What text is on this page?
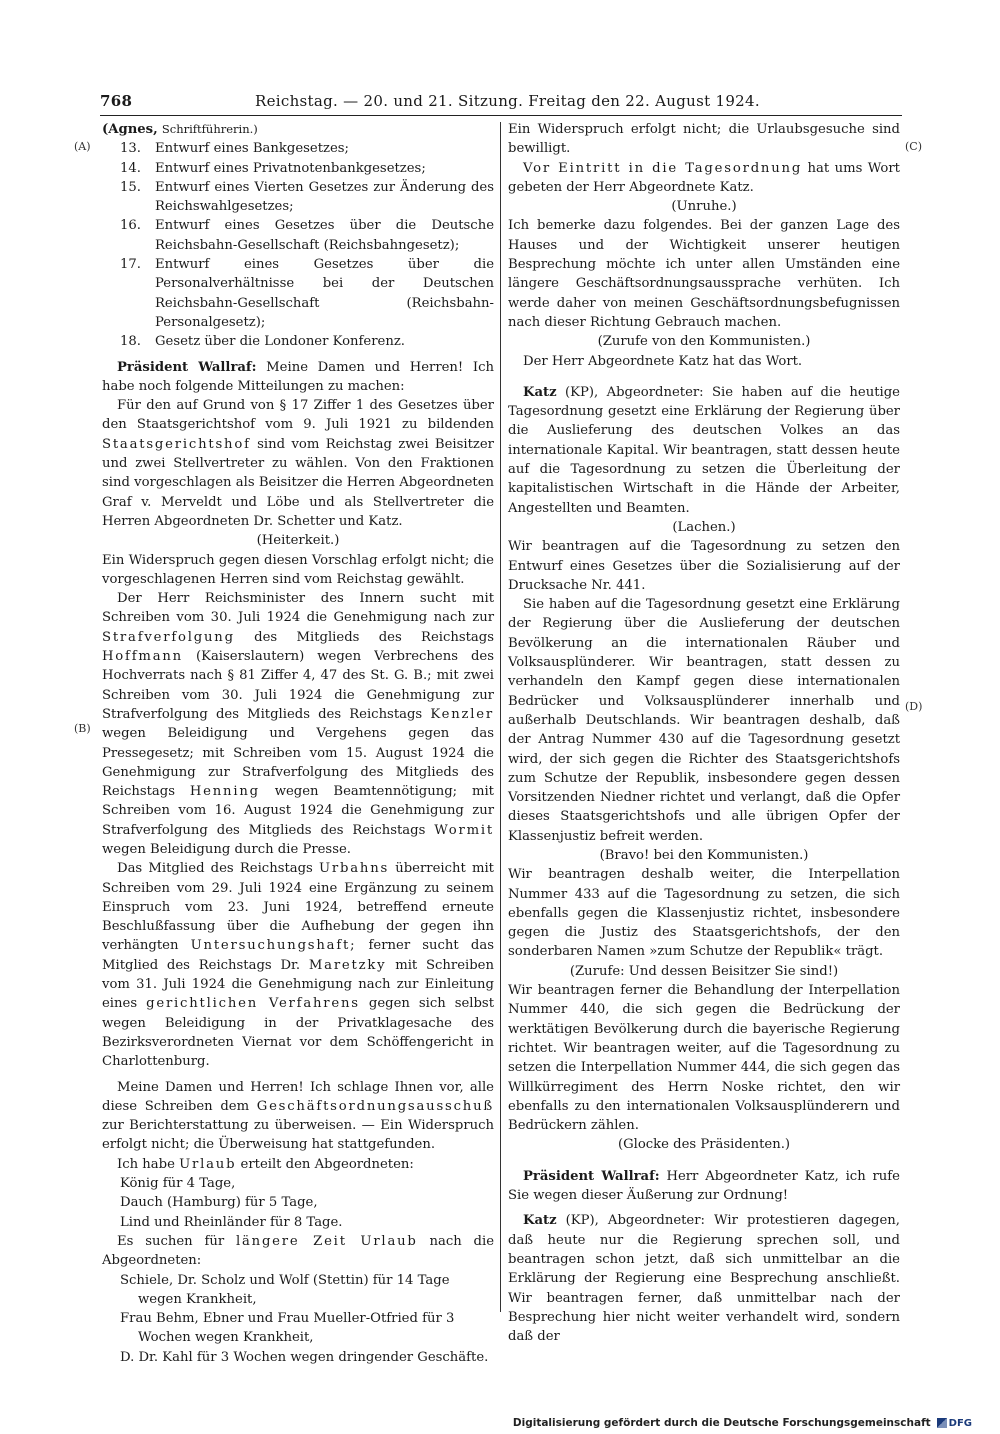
768	Reichstag. — 20. und 21. Sitzung. Freitag den 22. August 1924.
(A)
(B)
(C)
(D)

(Agnes, Schriftführerin.)

13. Entwurf eines Bankgesetzes;

14. Entwurf eines Privatnotenbankgesetzes;

15. Entwurf eines Vierten Gesetzes zur Änderung des Reichswahlgesetzes;

16. Entwurf eines Gesetzes über die Deutsche Reichsbahn-Gesellschaft (Reichsbahngesetz);

17. Entwurf eines Gesetzes über die Personalverhältnisse bei der Deutschen Reichsbahn-Gesellschaft (Reichsbahn-Personalgesetz);

18. Gesetz über die Londoner Konferenz.

Präsident Wallraf: Meine Damen und Herren! Ich habe noch folgende Mitteilungen zu machen:

Für den auf Grund von § 17 Ziffer 1 des Gesetzes über den Staatsgerichtshof vom 9. Juli 1921 zu bildenden Staatsgerichtshof sind vom Reichstag zwei Beisitzer und zwei Stellvertreter zu wählen. Von den Fraktionen sind vorgeschlagen als Beisitzer die Herren Abgeordneten Graf v. Merveldt und Löbe und als Stellvertreter die Herren Abgeordneten Dr. Schetter und Katz.

(Heiterkeit.)

Ein Widerspruch gegen diesen Vorschlag erfolgt nicht; die vorgeschlagenen Herren sind vom Reichstag gewählt.

Der Herr Reichsminister des Innern sucht mit Schreiben vom 30. Juli 1924 die Genehmigung nach zur Strafverfolgung des Mitglieds des Reichstags Hoffmann (Kaiserslautern) wegen Verbrechens des Hochverrats nach § 81 Ziffer 4, 47 des St. G. B.; mit zwei Schreiben vom 30. Juli 1924 die Genehmigung zur Strafverfolgung des Mitglieds des Reichstags Kenzler wegen Beleidigung und Vergehens gegen das Pressegesetz; mit Schreiben vom 15. August 1924 die Genehmigung zur Strafverfolgung des Mitglieds des Reichstags Henning wegen Beamtennötigung; mit Schreiben vom 16. August 1924 die Genehmigung zur Strafverfolgung des Mitglieds des Reichstags Wormit wegen Beleidigung durch die Presse.

Das Mitglied des Reichstags Urbahns überreicht mit Schreiben vom 29. Juli 1924 eine Ergänzung zu seinem Einspruch vom 23. Juni 1924, betreffend erneute Beschlußfassung über die Aufhebung der gegen ihn verhängten Untersuchungshaft; ferner sucht das Mitglied des Reichstags Dr. Maretzky mit Schreiben vom 31. Juli 1924 die Genehmigung nach zur Einleitung eines gerichtlichen Verfahrens gegen sich selbst wegen Beleidigung in der Privatklagesache des Bezirksverordneten Viernat vor dem Schöffengericht in Charlottenburg.

Meine Damen und Herren! Ich schlage Ihnen vor, alle diese Schreiben dem Geschäftsordnungsausschuß zur Berichterstattung zu überweisen. — Ein Widerspruch erfolgt nicht; die Überweisung hat stattgefunden.

Ich habe Urlaub erteilt den Abgeordneten:

König für 4 Tage,

Dauch (Hamburg) für 5 Tage,

Lind und Rheinländer für 8 Tage.

Es suchen für längere Zeit Urlaub nach die Abgeordneten:

Schiele, Dr. Scholz und Wolf (Stettin) für 14 Tage wegen Krankheit,

Frau Behm, Ebner und Frau Mueller-Otfried für 3 Wochen wegen Krankheit,

D. Dr. Kahl für 3 Wochen wegen dringender Geschäfte.

Ein Widerspruch erfolgt nicht; die Urlaubsgesuche sind bewilligt.

Vor Eintritt in die Tagesordnung hat ums Wort gebeten der Herr Abgeordnete Katz.

(Unruhe.)

Ich bemerke dazu folgendes. Bei der ganzen Lage des Hauses und der Wichtigkeit unserer heutigen Besprechung möchte ich unter allen Umständen eine längere Geschäftsordnungsaussprache verhüten. Ich werde daher von meinen Geschäftsordnungsbefugnissen nach dieser Richtung Gebrauch machen.

(Zurufe von den Kommunisten.)

Der Herr Abgeordnete Katz hat das Wort.

Katz (KP), Abgeordneter: Sie haben auf die heutige Tagesordnung gesetzt eine Erklärung der Regierung über die Auslieferung des deutschen Volkes an das internationale Kapital. Wir beantragen, statt dessen heute auf die Tagesordnung zu setzen die Überleitung der kapitalistischen Wirtschaft in die Hände der Arbeiter, Angestellten und Beamten.

(Lachen.)

Wir beantragen auf die Tagesordnung zu setzen den Entwurf eines Gesetzes über die Sozialisierung auf der Drucksache Nr. 441.

Sie haben auf die Tagesordnung gesetzt eine Erklärung der Regierung über die Auslieferung der deutschen Bevölkerung an die internationalen Räuber und Volksausplünderer. Wir beantragen, statt dessen zu verhandeln den Kampf gegen diese internationalen Bedrücker und Volksausplünderer innerhalb und außerhalb Deutschlands. Wir beantragen deshalb, daß der Antrag Nummer 430 auf die Tagesordnung gesetzt wird, der sich gegen die Richter des Staatsgerichtshofs zum Schutze der Republik, insbesondere gegen dessen Vorsitzenden Niedner richtet und verlangt, daß die Opfer dieses Staatsgerichtshofs und alle übrigen Opfer der Klassenjustiz befreit werden.

(Bravo! bei den Kommunisten.)

Wir beantragen deshalb weiter, die Interpellation Nummer 433 auf die Tagesordnung zu setzen, die sich ebenfalls gegen die Klassenjustiz richtet, insbesondere gegen die Justiz des Staatsgerichtshofs, der den sonderbaren Namen »zum Schutze der Republik« trägt.

(Zurufe: Und dessen Beisitzer Sie sind!)

Wir beantragen ferner die Behandlung der Interpellation Nummer 440, die sich gegen die Bedrückung der werktätigen Bevölkerung durch die bayerische Regierung richtet. Wir beantragen weiter, auf die Tagesordnung zu setzen die Interpellation Nummer 444, die sich gegen das Willkürregiment des Herrn Noske richtet, den wir ebenfalls zu den internationalen Volksausplünderern und Bedrückern zählen.

(Glocke des Präsidenten.)

Präsident Wallraf: Herr Abgeordneter Katz, ich rufe Sie wegen dieser Äußerung zur Ordnung!

Katz (KP), Abgeordneter: Wir protestieren dagegen, daß heute nur die Regierung sprechen soll, und beantragen schon jetzt, daß sich unmittelbar an die Erklärung der Regierung eine Besprechung anschließt. Wir beantragen ferner, daß unmittelbar nach der Besprechung hier nicht weiter verhandelt wird, sondern daß der

Digitalisierung gefördert durch die Deutsche Forschungsgemeinschaft DFG
